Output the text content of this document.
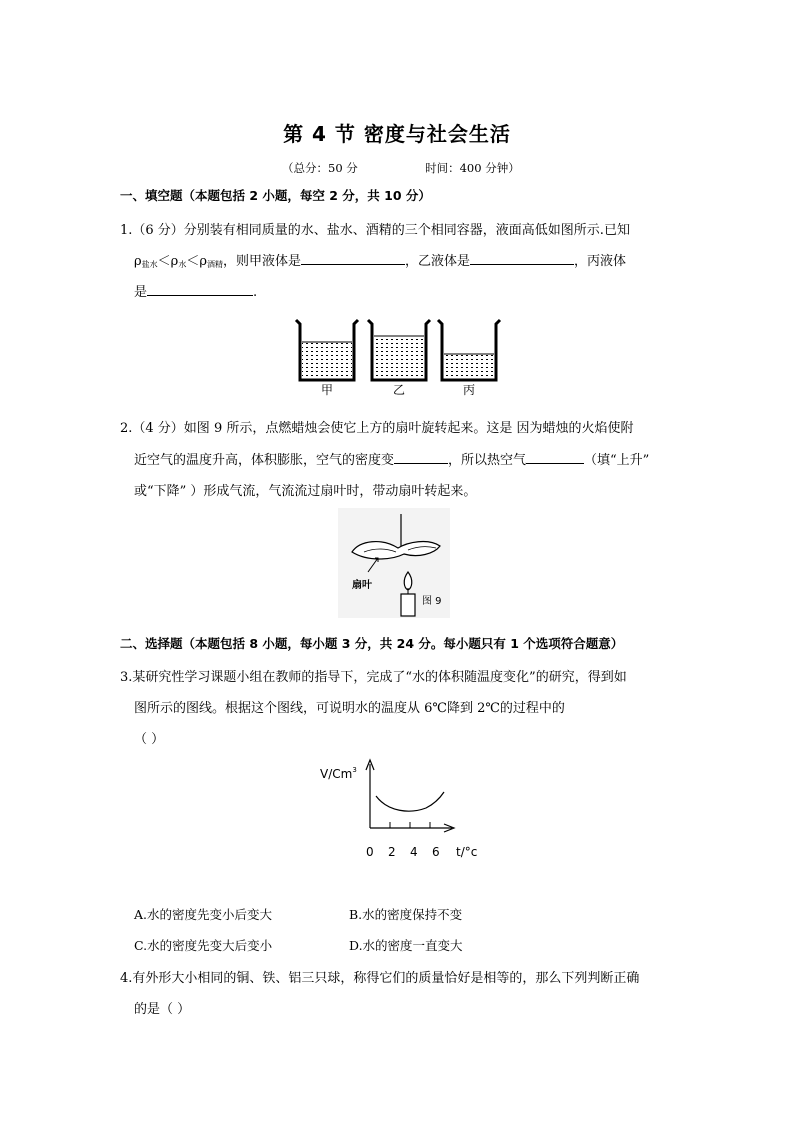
第 4 节 密度与社会生活
（总分：50 分	时间：400 分钟）
一、填空题（本题包括 2 小题，每空 2 分，共 10 分）
1.（6 分）分别装有相同质量的水、盐水、酒精的三个相同容器，液面高低如图所示.已知
$\rho_{盐水}<\rho_水<\rho_{酒精}$，则甲液体是	，乙液体是	，丙液体
是	.
甲	乙	丙
2.（4 分）如图 9 所示，点燃蜡烛会使它上方的扇叶旋转起来。这是 因为蜡烛的火焰使附
近空气的温度升高，体积膨胀，空气的密度变	，所以热空气	（填“上升”
或“下降” ）形成气流，气流流过扇叶时，带动扇叶转起来。
扇叶
图 9
二、选择题（本题包括 8 小题，每小题 3 分，共 24 分。每小题只有 1 个选项符合题意）
3.某研究性学习课题小组在教师的指导下，完成了“水的体积随温度变化”的研究，得到如
图所示的图线。根据这个图线，可说明水的温度从 6℃降到 2℃的过程中的
（ ）
V/Cm$^3$
0 2 4 6 t/°c
A.水的密度先变小后变大	B.水的密度保持不变
C.水的密度先变大后变小	D.水的密度一直变大
4.有外形大小相同的铜、铁、铝三只球，称得它们的质量恰好是相等的，那么下列判断正确
的是（ ）
